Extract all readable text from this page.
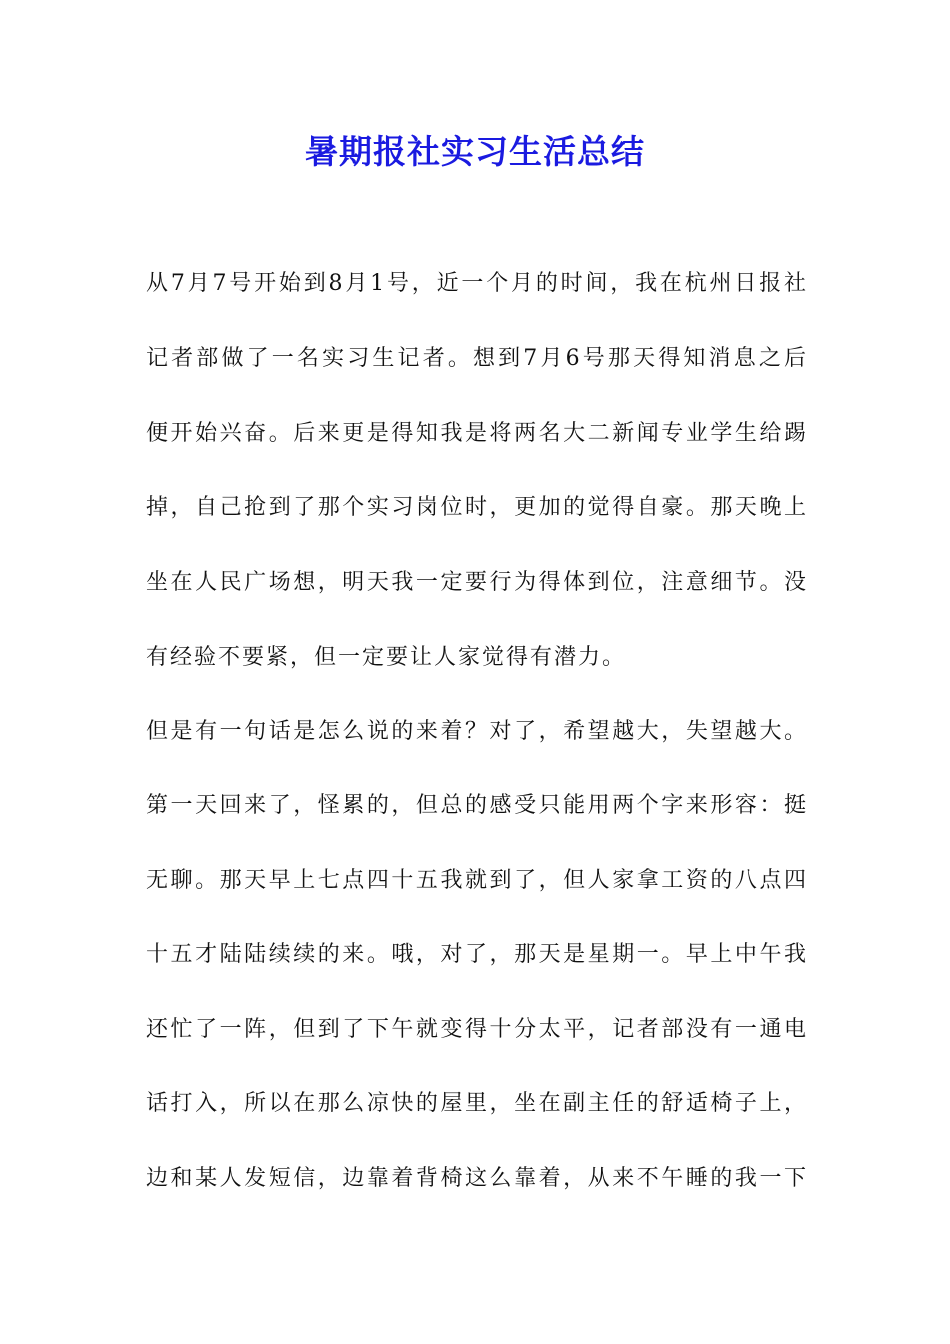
暑期报社实习生活总结
从7月7号开始到8月1号，近一个月的时间，我在杭州日报社
记者部做了一名实习生记者。想到7月6号那天得知消息之后
便开始兴奋。后来更是得知我是将两名大二新闻专业学生给踢
掉，自己抢到了那个实习岗位时，更加的觉得自豪。那天晚上
坐在人民广场想，明天我一定要行为得体到位，注意细节。没
有经验不要紧，但一定要让人家觉得有潜力。
但是有一句话是怎么说的来着？对了，希望越大，失望越大。
第一天回来了，怪累的，但总的感受只能用两个字来形容：挺
无聊。那天早上七点四十五我就到了，但人家拿工资的八点四
十五才陆陆续续的来。哦，对了，那天是星期一。早上中午我
还忙了一阵，但到了下午就变得十分太平，记者部没有一通电
话打入，所以在那么凉快的屋里，坐在副主任的舒适椅子上，
边和某人发短信，边靠着背椅这么靠着，从来不午睡的我一下
